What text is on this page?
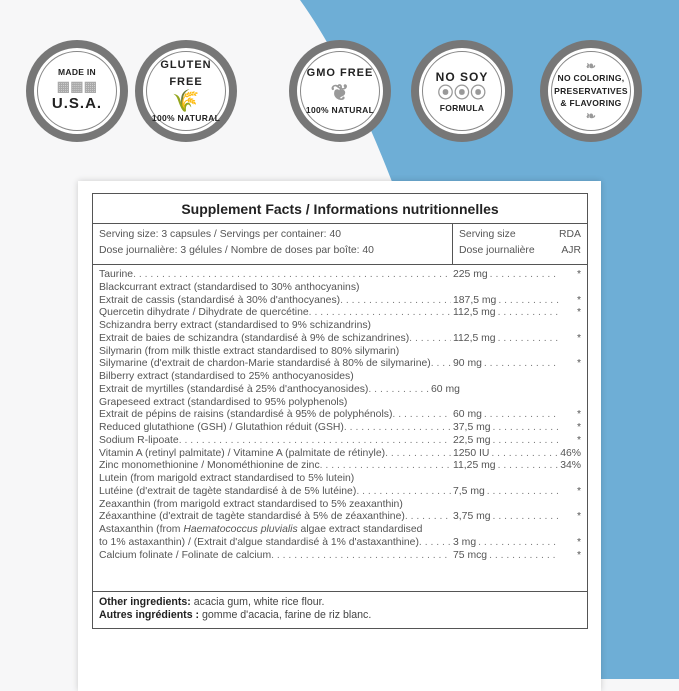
MADE IN
▦▦▦
U.S.A.
GLUTEN FREE
🌾
100% NATURAL
GMO FREE
❦
100% NATURAL
NO SOY
⦿⦿⦿
FORMULA
❧
NO COLORING,
PRESERVATIVES
& FLAVORING
❧
Supplement Facts / Informations nutritionnelles
Serving size: 3 capsules / Servings per container: 40
Dose journalière: 3 gélules / Nombre de doses par boîte: 40
Serving size	RDA
Dose journalière	AJR
Taurine . . .	225 mg . . .	*
Blackcurrant extract (standardised to 30% anthocyanins)
Extrait de cassis (standardisé à 30% d'anthocyanes) . . .	187,5 mg . . .	*
Quercetin dihydrate / Dihydrate de quercétine . . .	112,5 mg . . .	*
Schizandra berry extract (standardised to 9% schizandrins)
Extrait de baies de schizandra (standardisé à 9% de schizandrines) . . .	112,5 mg . . .	*
Silymarin (from milk thistle extract standardised to 80% silymarin)
Silymarine (d'extrait de chardon-Marie standardisé à 80% de silymarine) . . . 90 mg . . .	*
Bilberry extract (standardised to 25% anthocyanosides)
Extrait de myrtilles (standardisé à 25% d'anthocyanosides) . . .	60 mg
Grapeseed extract (standardised to 95% polyphenols)
Extrait de pépins de raisins (standardisé à 95% de polyphénols) . . .	60 mg . . .	*
Reduced glutathione (GSH) / Glutathion réduit (GSH) . . .	37,5 mg . . .	*
Sodium R-lipoate . . .	22,5 mg . . .	*
Vitamin A (retinyl palmitate) / Vitamine A (palmitate de rétinyle) . . .	1250 IU . . .	46%
Zinc monomethionine / Monométhionine de zinc . . .	11,25 mg . . .	34%
Lutein (from marigold extract standardised to 5% lutein)
Lutéine (d'extrait de tagète standardisé à de 5% lutéine) . . .	7,5 mg . . .	*
Zeaxanthin (from marigold extract standardised to 5% zeaxanthin)
Zéaxanthine (d'extrait de tagète standardisé à 5% de zéaxanthine) . . .	3,75 mg . . .	*
Astaxanthin (from Haematococcus pluvialis algae extract standardised
to 1% astaxanthin) / (Extrait d'algue standardisé à 1% d'astaxanthine) . . .	3 mg . . .	*
Calcium folinate / Folinate de calcium . . .	75 mcg . . .	*
Other ingredients: acacia gum, white rice flour.
Autres ingrédients : gomme d'acacia, farine de riz blanc.
